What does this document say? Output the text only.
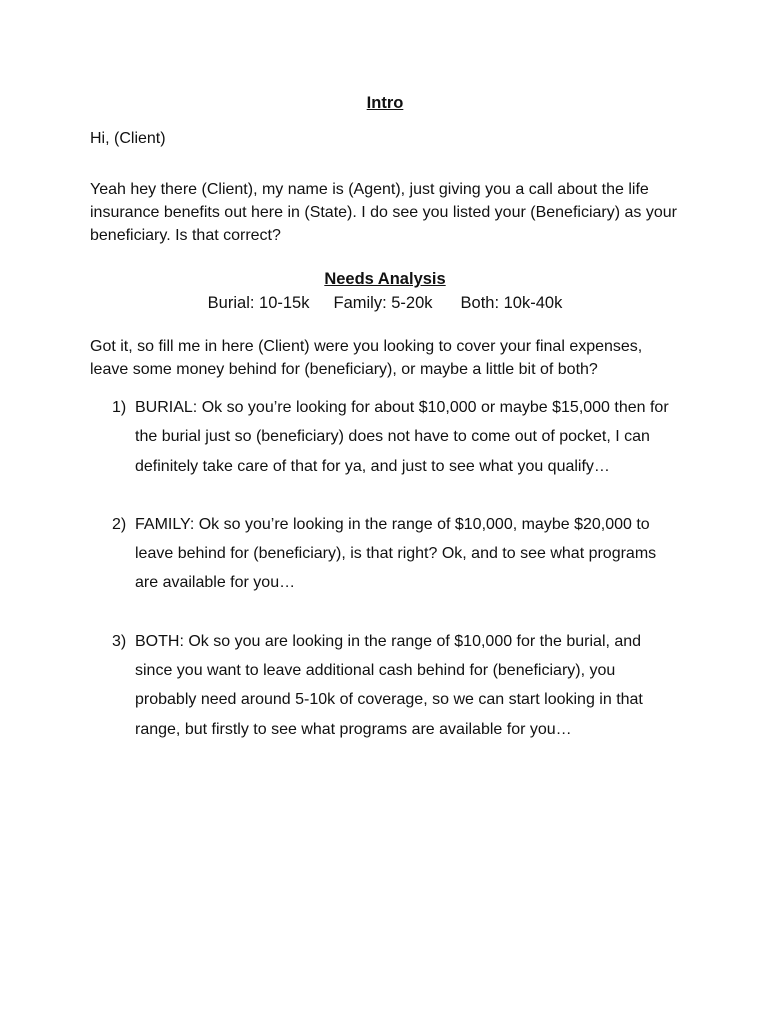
Intro

Hi, (Client)

Yeah hey there (Client), my name is (Agent), just giving you a call about the life insurance benefits out here in (State). I do see you listed your (Beneficiary) as your beneficiary. Is that correct?

Needs Analysis
Burial: 10-15k Family: 5-20k Both: 10k-40k

Got it, so fill me in here (Client) were you looking to cover your final expenses, leave some money behind for (beneficiary), or maybe a little bit of both?

1) BURIAL: Ok so you’re looking for about $10,000 or maybe $15,000 then for the burial just so (beneficiary) does not have to come out of pocket, I can definitely take care of that for ya, and just to see what you qualify…
2) FAMILY: Ok so you’re looking in the range of $10,000, maybe $20,000 to leave behind for (beneficiary), is that right? Ok, and to see what programs are available for you…
3) BOTH: Ok so you are looking in the range of $10,000 for the burial, and since you want to leave additional cash behind for (beneficiary), you probably need around 5-10k of coverage, so we can start looking in that range, but firstly to see what programs are available for you…
